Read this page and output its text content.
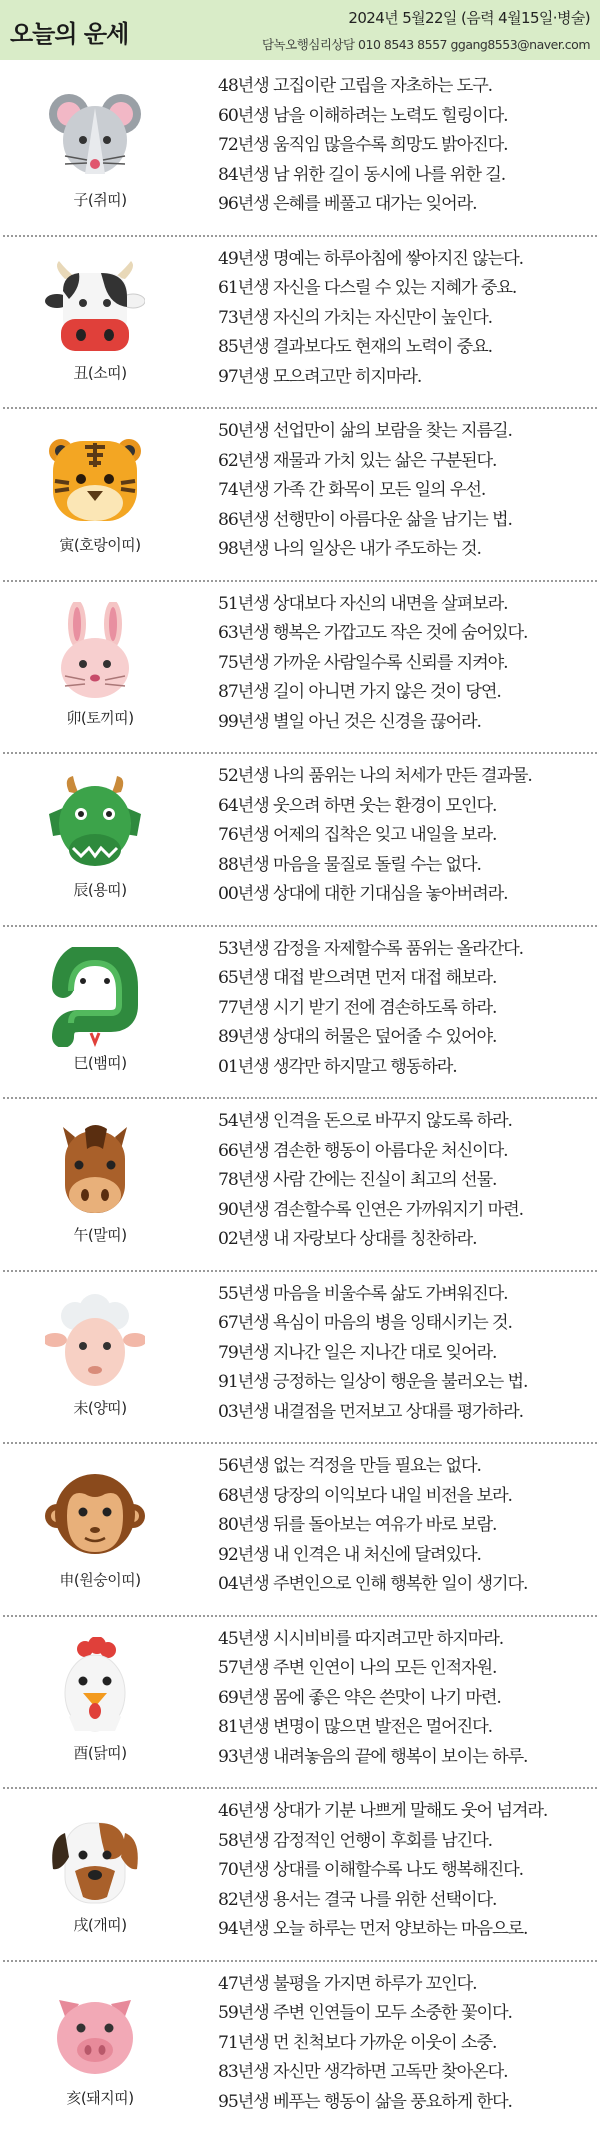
오늘의 운세
2024년 5월22일 (음력 4월15일·병술)
담녹오행심리상담 010 8543 8557 ggang8553@naver.com
子(쥐띠)
48년생 고집이란 고립을 자초하는 도구.
60년생 남을 이해하려는 노력도 힐링이다.
72년생 움직임 많을수록 희망도 밝아진다.
84년생 남 위한 길이 동시에 나를 위한 길.
96년생 은혜를 베풀고 대가는 잊어라.
丑(소띠)
49년생 명예는 하루아침에 쌓아지진 않는다.
61년생 자신을 다스릴 수 있는 지혜가 중요.
73년생 자신의 가치는 자신만이 높인다.
85년생 결과보다도 현재의 노력이 중요.
97년생 모으려고만 히지마라.
寅(호랑이띠)
50년생 선업만이 삶의 보람을 찾는 지름길.
62년생 재물과 가치 있는 삶은 구분된다.
74년생 가족 간 화목이 모든 일의 우선.
86년생 선행만이 아름다운 삶을 남기는 법.
98년생 나의 일상은 내가 주도하는 것.
卯(토끼띠)
51년생 상대보다 자신의 내면을 살펴보라.
63년생 행복은 가깝고도 작은 것에 숨어있다.
75년생 가까운 사람일수록 신뢰를 지켜야.
87년생 길이 아니면 가지 않은 것이 당연.
99년생 별일 아닌 것은 신경을 끊어라.
辰(용띠)
52년생 나의 품위는 나의 처세가 만든 결과물.
64년생 웃으려 하면 웃는 환경이 모인다.
76년생 어제의 집착은 잊고 내일을 보라.
88년생 마음을 물질로 돌릴 수는 없다.
00년생 상대에 대한 기대심을 놓아버려라.
巳(뱀띠)
53년생 감정을 자제할수록 품위는 올라간다.
65년생 대접 받으려면 먼저 대접 해보라.
77년생 시기 받기 전에 겸손하도록 하라.
89년생 상대의 허물은 덮어줄 수 있어야.
01년생 생각만 하지말고 행동하라.
午(말띠)
54년생 인격을 돈으로 바꾸지 않도록 하라.
66년생 겸손한 행동이 아름다운 처신이다.
78년생 사람 간에는 진실이 최고의 선물.
90년생 겸손할수록 인연은 가까워지기 마련.
02년생 내 자랑보다 상대를 칭찬하라.
未(양띠)
55년생 마음을 비울수록 삶도 가벼워진다.
67년생 욕심이 마음의 병을 잉태시키는 것.
79년생 지나간 일은 지나간 대로 잊어라.
91년생 긍정하는 일상이 행운을 불러오는 법.
03년생 내결점을 먼저보고 상대를 평가하라.
申(원숭이띠)
56년생 없는 걱정을 만들 필요는 없다.
68년생 당장의 이익보다 내일 비전을 보라.
80년생 뒤를 돌아보는 여유가 바로 보람.
92년생 내 인격은 내 처신에 달려있다.
04년생 주변인으로 인해 행복한 일이 생기다.
酉(닭띠)
45년생 시시비비를 따지려고만 하지마라.
57년생 주변 인연이 나의 모든 인적자원.
69년생 몸에 좋은 약은 쓴맛이 나기 마련.
81년생 변명이 많으면 발전은 멀어진다.
93년생 내려놓음의 끝에 행복이 보이는 하루.
戌(개띠)
46년생 상대가 기분 나쁘게 말해도 웃어 넘겨라.
58년생 감정적인 언행이 후회를 남긴다.
70년생 상대를 이해할수록 나도 행복해진다.
82년생 용서는 결국 나를 위한 선택이다.
94년생 오늘 하루는 먼저 양보하는 마음으로.
亥(돼지띠)
47년생 불평을 가지면 하루가 꼬인다.
59년생 주변 인연들이 모두 소중한 꽃이다.
71년생 먼 친척보다 가까운 이웃이 소중.
83년생 자신만 생각하면 고독만 찾아온다.
95년생 베푸는 행동이 삶을 풍요하게 한다.
